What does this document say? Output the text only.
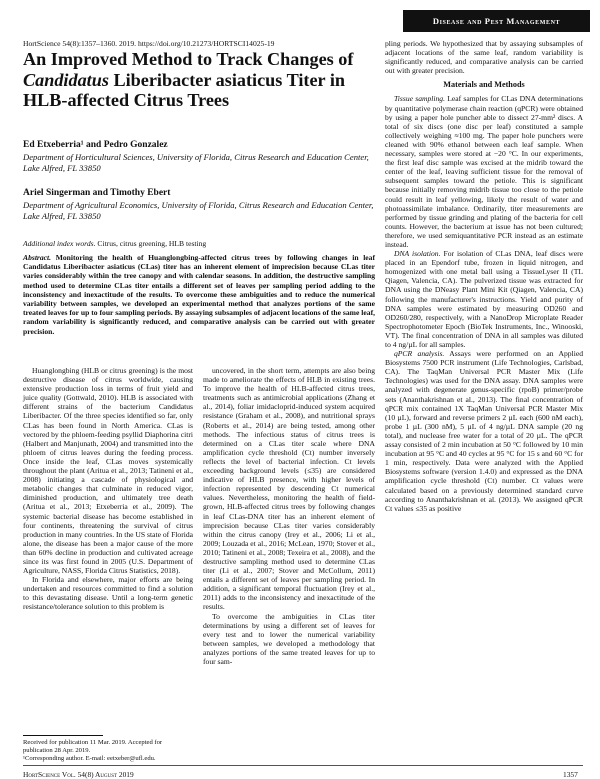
Disease and Pest Management
HortScience 54(8):1357–1360. 2019. https://doi.org/10.21273/HORTSCI14025-19
An Improved Method to Track Changes of Candidatus Liberibacter asiaticus Titer in HLB-affected Citrus Trees
Ed Etxeberria¹ and Pedro Gonzalez
Department of Horticultural Sciences, University of Florida, Citrus Research and Education Center, Lake Alfred, FL 33850
Ariel Singerman and Timothy Ebert
Department of Agricultural Economics, University of Florida, Citrus Research and Education Center, Lake Alfred, FL 33850
Additional index words. Citrus, citrus greening, HLB testing
Abstract. Monitoring the health of Huanglongbing-affected citrus trees by following changes in leaf Candidatus Liberibacter asiaticus (CLas) titer has an inherent element of imprecision because CLas titer varies considerably within the tree canopy and with calendar seasons. In addition, the destructive sampling method used to determine CLas titer entails a different set of leaves per sampling period adding to the inconsistency and inexactitude of the results. To overcome these ambiguities and to reduce the numerical variability between samples, we developed an experimental method that analyzes portions of the same treated leaves for up to four sampling periods. By assaying subsamples of adjacent locations of the same leaf, random variability is significantly reduced, and comparative analysis can be carried out with greater precision.

Huanglongbing (HLB or citrus greening) is the most destructive disease of citrus worldwide, causing extensive production loss in terms of fruit yield and juice quality (Gottwald, 2010). HLB is associated with different strains of the bacterium Candidatus Liberibacter. Of the three species identified so far, only CLas has been found in North America. CLas is vectored by the phloem-feeding psyllid Diaphorina citri (Halbert and Manjunath, 2004) and transmitted into the phloem of citrus leaves during the feeding process. Once inside the leaf, CLas moves systemically throughout the plant (Aritua et al., 2013; Tatineni et al., 2008) initiating a cascade of physiological and metabolic changes that culminate in reduced vigor, diminished production, and ultimately tree death (Aritua et al., 2013; Etxeberria et al., 2009). The systemic bacterial disease has become established in four continents, threatening the survival of citrus production in many countries. In the US state of Florida alone, the disease has been a major cause of the more than 60% decline in production and cultivated acreage since its was first found in 2005 (U.S. Department of Agriculture, NASS, Florida Citrus Statistics, 2018).

In Florida and elsewhere, major efforts are being undertaken and resources committed to find a solution to this devastating disease. Until a long-term genetic resistance/tolerance solution to this problem is

uncovered, in the short term, attempts are also being made to ameliorate the effects of HLB in existing trees. To improve the health of HLB-affected citrus trees, treatments such as antimicrobial applications (Zhang et al., 2014), foliar imidacloprid-induced system acquired resistance (Graham et al., 2008), and nutritional sprays (Roberts et al., 2014) are being tested, among other methods. The infectious status of citrus trees is determined on a CLas titer scale where DNA amplification cycle threshold (Ct) number inversely reflects the level of bacterial infection. Ct levels exceeding background levels (≤35) are considered indicative of HLB presence, with higher levels of infection represented by descending Ct numerical values. Nevertheless, monitoring the health of field-grown, HLB-affected citrus trees by following changes in leaf CLas-DNA titer has an inherent element of imprecision because CLas titer varies considerably within the citrus canopy (Irey et al., 2006; Li et al., 2009; Louzada et al., 2016; McLean, 1970; Stover et al., 2010; Tatineni et al., 2008; Texeira et al., 2008), and the destructive sampling method used to determine CLas titer (Li et al., 2007; Stover and McCollum, 2011) entails a different set of leaves per sampling period. In addition, a significant temporal fluctuation (Irey et al., 2011) adds to the inconsistency and inexactitude of the results.

To overcome the ambiguities in CLas titer determinations by using a different set of leaves for every test and to lower the numerical variability between samples, we developed a methodology that analyzes portions of the same treated leaves for up to four sam-

pling periods. We hypothesized that by assaying subsamples of adjacent locations of the same leaf, random variability is significantly reduced, and comparative analysis can be carried out with greater precision.

Materials and Methods

Tissue sampling. Leaf samples for CLas DNA determinations by quantitative polymerase chain reaction (qPCR) were obtained by using a paper hole puncher able to dissect 27-mm² discs. A total of six discs (one disc per leaf) constituted a sample collectively weighing ≈100 mg. The paper hole punchers were cleaned with 90% ethanol between each leaf sample. When necessary, samples were stored at −20 °C. In our experiments, the first leaf disc sample was excised at the midrib toward the center of the leaf, leaving sufficient tissue for the removal of subsequent samples toward the petiole. This is significant because initially removing midrib tissue too close to the petiole could result in leaf yellowing, likely the result of water and photoassimilate imbalance. Ordinarily, titer measurements are performed by tissue grinding and plating of the bacteria for cell counts. However, the bacterium at issue has not been cultured; therefore, we used semiquantitative PCR instead as an estimate instead.

DNA isolation. For isolation of CLas DNA, leaf discs were placed in an Ependorf tube, frozen in liquid nitrogen, and homogenized with one metal ball using a TissueLyser II (TL Qiagen, Valencia, CA). The pulverized tissue was extracted for DNA using the DNeasy Plant Mini Kit (Qiagen, Valencia, CA) following the manufacturer's instructions. Yield and purity of DNA samples were estimated by measuring OD260 and OD260/280, respectively, with a NanoDrop Microplate Reader Spectrophotometer Epoch (BioTek Instruments, Inc., Winooski, VT). The final concentration of DNA in all samples was diluted to 4 ng/µL for all samples.

qPCR analysis. Assays were performed on an Applied Biosystems 7500 PCR instrument (Life Technologies, Carlsbad, CA). The TaqMan Universal PCR Master Mix (Life Technologies) was used for the DNA assay. DNA samples were analyzed with degenerate genus-specific (rpoB) primer/probe sets (Ananthakrishnan et al., 2013). The final concentration of qPCR mix contained 1X TaqMan Universal PCR Master Mix (10 µL), forward and reverse primers 2 µL each (600 nM each), probe 1 µL (300 nM), 5 µL of 4 ng/µL DNA sample (20 ng total), and nuclease free water for a total of 20 µL. The qPCR assay consisted of 2 min incubation at 50 °C followed by 10 min incubation at 95 °C and 40 cycles at 95 °C for 15 s and 60 °C for 1 min, respectively. Data were analyzed with the Applied Biosystems software (version 1.4.0) and expressed as the DNA amplification cycle threshold (Ct) number. Ct values were calculated based on a previously determined standard curve according to Ananthakrishnan et al. (2013). We assigned qPCR Ct values ≤35 as positive

Received for publication 11 Mar. 2019. Accepted for publication 28 Apr. 2019.
¹Corresponding author. E-mail: eetxeber@ufl.edu.
HortScience Vol. 54(8) August 2019	1357
